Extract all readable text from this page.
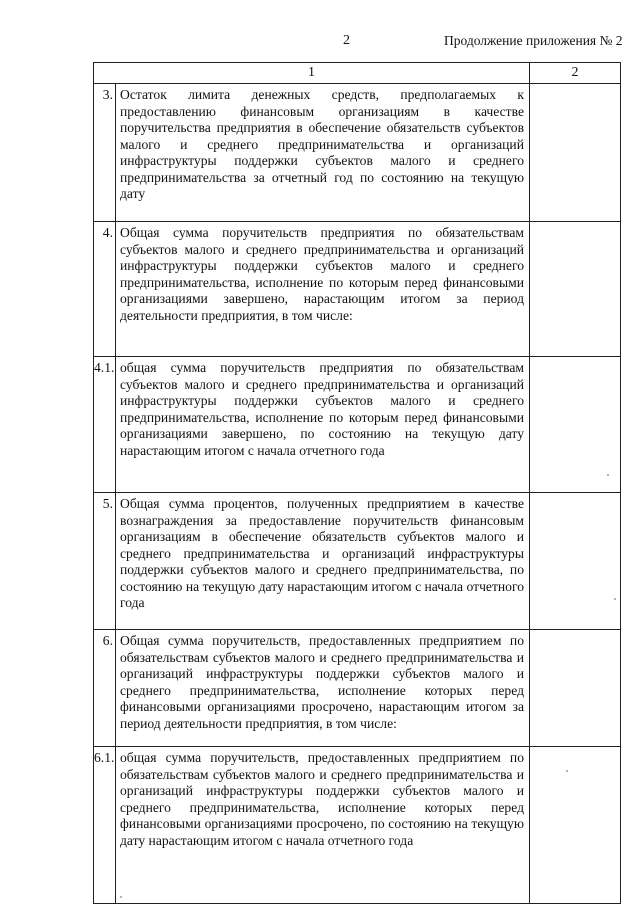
2	Продолжение приложения № 2
1		2
3.	Остаток лимита денежных средств, предполагаемых к предоставлению финансовым организациям в качестве поручительства предприятия в обеспечение обязательств субъектов малого и среднего предпринимательства и организаций инфраструктуры поддержки субъектов малого и среднего предпринимательства за отчетный год по состоянию на текущую дату	
4.	Общая сумма поручительств предприятия по обязательствам субъектов малого и среднего предпринимательства и организаций инфраструктуры поддержки субъектов малого и среднего предпринимательства, исполнение по которым перед финансовыми организациями завершено, нарастающим итогом за период деятельности предприятия, в том числе:	
4.1.	общая сумма поручительств предприятия по обязательствам субъектов малого и среднего предпринимательства и организаций инфраструктуры поддержки субъектов малого и среднего предпринимательства, исполнение по которым перед финансовыми организациями завершено, по состоянию на текущую дату нарастающим итогом с начала отчетного года	
5.	Общая сумма процентов, полученных предприятием в качестве вознаграждения за предоставление поручительств финансовым организациям в обеспечение обязательств субъектов малого и среднего предпринимательства и организаций инфраструктуры поддержки субъектов малого и среднего предпринимательства, по состоянию на текущую дату нарастающим итогом с начала отчетного года	
6.	Общая сумма поручительств, предоставленных предприятием по обязательствам субъектов малого и среднего предпринимательства и организаций инфраструктуры поддержки субъектов малого и среднего предпринимательства, исполнение которых перед финансовыми организациями просрочено, нарастающим итогом за период деятельности предприятия, в том числе:	
6.1.	общая сумма поручительств, предоставленных предприятием по обязательствам субъектов малого и среднего предпринимательства и организаций инфраструктуры поддержки субъектов малого и среднего предпринимательства, исполнение которых перед финансовыми организациями просрочено, по состоянию на текущую дату нарастающим итогом с начала отчетного года	
